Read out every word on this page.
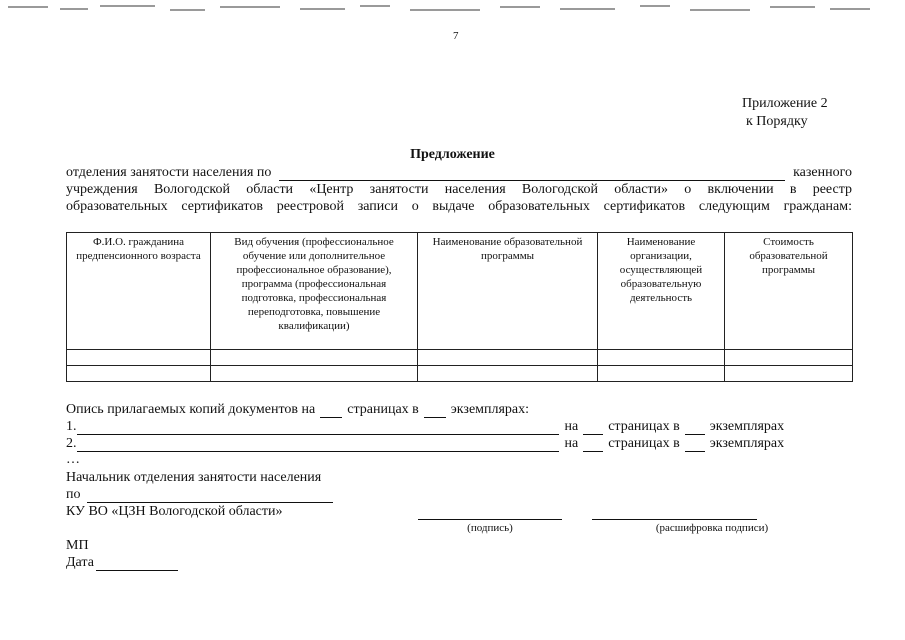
7
Приложение 2
к Порядку
Предложение
отделения занятости населения по	казенного
учреждения Вологодской области «Центр занятости населения Вологодской области» о включении в реестр
образовательных сертификатов реестровой записи о выдаче образовательных сертификатов следующим гражданам:
Ф.И.О. гражданина предпенсионного возраста	Вид обучения (профессиональное обучение или дополнительное профессиональное образование), программа (профессиональная подготовка, профессиональная переподготовка, повышение квалификации)	Наименование образовательной программы	Наименование организации, осуществляющей образовательную деятельность	Стоимость образовательной программы

Опись прилагаемых копий документов на страницах в экземплярах:
1.	на страницах в экземплярах
2.	на страницах в экземплярах
…
Начальник отделения занятости населения
по
КУ ВО «ЦЗН Вологодской области»
(подпись)	(расшифровка подписи)
МП
Дата
